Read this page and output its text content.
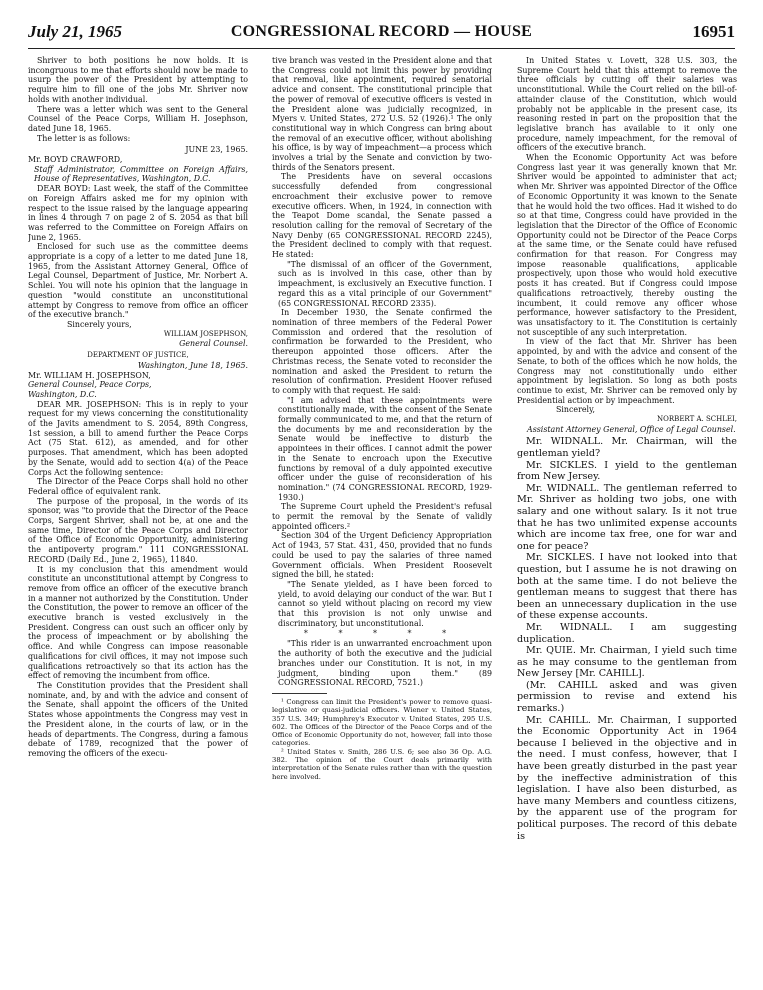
July 21, 1965	CONGRESSIONAL RECORD — HOUSE	16951

Shriver to both positions he now holds. It is incongruous to me that efforts should now be made to usurp the power of the President by attempting to require him to fill one of the jobs Mr. Shriver now holds with another individual.

There was a letter which was sent to the General Counsel of the Peace Corps, William H. Josephson, dated June 18, 1965.

The letter is as follows:

JUNE 23, 1965.

Mr. BOYD CRAWFORD,

Staff Administrator, Committee on Foreign Affairs, House of Representatives, Washington, D.C.

DEAR BOYD: Last week, the staff of the Committee on Foreign Affairs asked me for my opinion with respect to the issue raised by the language appearing in lines 4 through 7 on page 2 of S. 2054 as that bill was referred to the Committee on Foreign Affairs on June 2, 1965.

Enclosed for such use as the committee deems appropriate is a copy of a letter to me dated June 18, 1965, from the Assistant Attorney General, Office of Legal Counsel, Department of Justice, Mr. Norbert A. Schlei. You will note his opinion that the language in question "would constitute an unconstitutional attempt by Congress to remove from office an officer of the executive branch."

Sincerely yours,

WILLIAM JOSEPHSON,

General Counsel.

DEPARTMENT OF JUSTICE,

Washington, June 18, 1965.

Mr. WILLIAM H. JOSEPHSON,

General Counsel, Peace Corps,

Washington, D.C.

DEAR MR. JOSEPHSON: This is in reply to your request for my views concerning the constitutionality of the Javits amendment to S. 2054, 89th Congress, 1st session, a bill to amend further the Peace Corps Act (75 Stat. 612), as amended, and for other purposes. That amendment, which has been adopted by the Senate, would add to section 4(a) of the Peace Corps Act the following sentence:

The Director of the Peace Corps shall hold no other Federal office of equivalent rank.

The purpose of the proposal, in the words of its sponsor, was "to provide that the Director of the Peace Corps, Sargent Shriver, shall not be, at one and the same time, Director of the Peace Corps and Director of the Office of Economic Opportunity, administering the antipoverty program." 111 CONGRESSIONAL RECORD (Daily Ed., June 2, 1965), 11840.

It is my conclusion that this amendment would constitute an unconstitutional attempt by Congress to remove from office an officer of the executive branch in a manner not authorized by the Constitution. Under the Constitution, the power to remove an officer of the executive branch is vested exclusively in the President. Congress can oust such an officer only by the process of impeachment or by abolishing the office. And while Congress can impose reasonable qualifications for civil offices, it may not impose such qualifications retroactively so that its action has the effect of removing the incumbent from office.

The Constitution provides that the President shall nominate, and, by and with the advice and consent of the Senate, shall appoint the officers of the United States whose appointments the Congress may vest in the President alone, in the courts of law, or in the heads of departments. The Congress, during a famous debate of 1789, recognized that the power of removing the officers of the execu-

tive branch was vested in the President alone and that the Congress could not limit this power by providing that removal, like appointment, required senatorial advice and consent. The constitutional principle that the power of removal of executive officers is vested in the President alone was judicially recognized, in Myers v. United States, 272 U.S. 52 (1926).¹ The only constitutional way in which Congress can bring about the removal of an executive officer, without abolishing his office, is by way of impeachment—a process which involves a trial by the Senate and conviction by two-thirds of the Senators present.

The Presidents have on several occasions successfully defended from congressional encroachment their exclusive power to remove executive officers. When, in 1924, in connection with the Teapot Dome scandal, the Senate passed a resolution calling for the removal of Secretary of the Navy Denby (65 CONGRESSIONAL RECORD 2245), the President declined to comply with that request. He stated:

"The dismissal of an officer of the Government, such as is involved in this case, other than by impeachment, is exclusively an Executive function. I regard this as a vital principle of our Government" (65 CONGRESSIONAL RECORD 2335).

In December 1930, the Senate confirmed the nomination of three members of the Federal Power Commission and ordered that the resolution of confirmation be forwarded to the President, who thereupon appointed those officers. After the Christmas recess, the Senate voted to reconsider the nomination and asked the President to return the resolution of confirmation. President Hoover refused to comply with that request. He said:

"I am advised that these appointments were constitutionally made, with the consent of the Senate formally communicated to me, and that the return of the documents by me and reconsideration by the Senate would be ineffective to disturb the appointees in their offices. I cannot admit the power in the Senate to encroach upon the Executive functions by removal of a duly appointed executive officer under the guise of reconsideration of his nomination." (74 CONGRESSIONAL RECORD, 1929-1930.)

The Supreme Court upheld the President's refusal to permit the removal by the Senate of validly appointed officers.²

Section 304 of the Urgent Deficiency Appropriation Act of 1943, 57 Stat. 431, 450, provided that no funds could be used to pay the salaries of three named Government officials. When President Roosevelt signed the bill, he stated:

"The Senate yielded, as I have been forced to yield, to avoid delaying our conduct of the war. But I cannot so yield without placing on record my view that this provision is not only unwise and discriminatory, but unconstitutional.

* * * * *

"This rider is an unwarranted encroachment upon the authority of both the executive and the judicial branches under our Constitution. It is not, in my judgment, binding upon them." (89 CONGRESSIONAL RECORD, 7521.)

¹ Congress can limit the President's power to remove quasi-legislative or quasi-judicial officers. Wiener v. United States, 357 U.S. 349; Humphrey's Executor v. United States, 295 U.S. 602. The Offices of the Director of the Peace Corps and of the Office of Economic Opportunity do not, however, fall into those categories.

² United States v. Smith, 286 U.S. 6; see also 36 Op. A.G. 382. The opinion of the Court deals primarily with interpretation of the Senate rules rather than with the question here involved.

In United States v. Lovett, 328 U.S. 303, the Supreme Court held that this attempt to remove the three officials by cutting off their salaries was unconstitutional. While the Court relied on the bill-of-attainder clause of the Constitution, which would probably not be applicable in the present case, its reasoning rested in part on the proposition that the legislative branch has available to it only one procedure, namely impeachment, for the removal of officers of the executive branch.

When the Economic Opportunity Act was before Congress last year it was generally known that Mr. Shriver would be appointed to administer that act; when Mr. Shriver was appointed Director of the Office of Economic Opportunity it was known to the Senate that he would hold the two offices. Had it wished to do so at that time, Congress could have provided in the legislation that the Director of the Office of Economic Opportunity could not be Director of the Peace Corps at the same time, or the Senate could have refused confirmation for that reason. For Congress may impose reasonable qualifications, applicable prospectively, upon those who would hold executive posts it has created. But if Congress could impose qualifications retroactively, thereby ousting the incumbent, it could remove any officer whose performance, however satisfactory to the President, was unsatisfactory to it. The Constitution is certainly not susceptible of any such interpretation.

In view of the fact that Mr. Shriver has been appointed, by and with the advice and consent of the Senate, to both of the offices which he now holds, the Congress may not constitutionally undo either appointment by legislation. So long as both posts continue to exist, Mr. Shriver can be removed only by Presidential action or by impeachment.

Sincerely,

NORBERT A. SCHLEI,

Assistant Attorney General, Office of Legal Counsel.

Mr. WIDNALL. Mr. Chairman, will the gentleman yield?

Mr. SICKLES. I yield to the gentleman from New Jersey.

Mr. WIDNALL. The gentleman referred to Mr. Shriver as holding two jobs, one with salary and one without salary. Is it not true that he has two unlimited expense accounts which are income tax free, one for war and one for peace?

Mr. SICKLES. I have not looked into that question, but I assume he is not drawing on both at the same time. I do not believe the gentleman means to suggest that there has been an unnecessary duplication in the use of these expense accounts.

Mr. WIDNALL. I am suggesting duplication.

Mr. QUIE. Mr. Chairman, I yield such time as he may consume to the gentleman from New Jersey [Mr. CAHILL].

(Mr. CAHILL asked and was given permission to revise and extend his remarks.)

Mr. CAHILL. Mr. Chairman, I supported the Economic Opportunity Act in 1964 because I believed in the objective and in the need. I must confess, however, that I have been greatly disturbed in the past year by the ineffective administration of this legislation. I have also been disturbed, as have many Members and countless citizens, by the apparent use of the program for political purposes. The record of this debate is
